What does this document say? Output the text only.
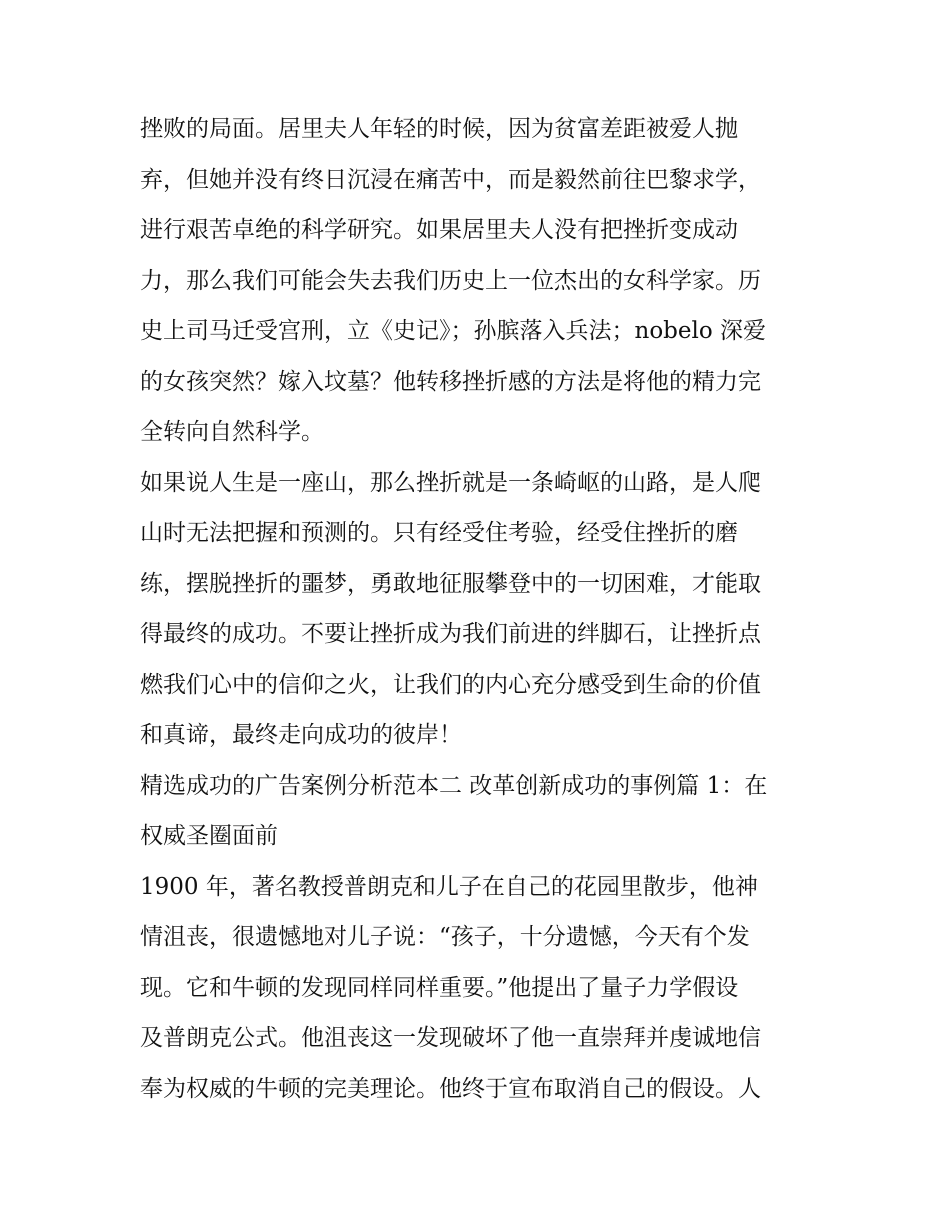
挫败的局面。居里夫人年轻的时候，因为贫富差距被爱人抛
弃，但她并没有终日沉浸在痛苦中，而是毅然前往巴黎求学，
进行艰苦卓绝的科学研究。如果居里夫人没有把挫折变成动
力，那么我们可能会失去我们历史上一位杰出的女科学家。历
史上司马迁受宫刑，立《史记》；孙膑落入兵法；nobelo 深爱
的女孩突然？嫁入坟墓？他转移挫折感的方法是将他的精力完
全转向自然科学。
如果说人生是一座山，那么挫折就是一条崎岖的山路，是人爬
山时无法把握和预测的。只有经受住考验，经受住挫折的磨
练，摆脱挫折的噩梦，勇敢地征服攀登中的一切困难，才能取
得最终的成功。不要让挫折成为我们前进的绊脚石，让挫折点
燃我们心中的信仰之火，让我们的内心充分感受到生命的价值
和真谛，最终走向成功的彼岸！
精选成功的广告案例分析范本二 改革创新成功的事例篇 1：在
权威圣圈面前
1900 年，著名教授普朗克和儿子在自己的花园里散步，他神
情沮丧，很遗憾地对儿子说：“孩子，十分遗憾，今天有个发
现。它和牛顿的发现同样同样重要。”他提出了量子力学假设
及普朗克公式。他沮丧这一发现破坏了他一直崇拜并虔诚地信
奉为权威的牛顿的完美理论。他终于宣布取消自己的假设。人
